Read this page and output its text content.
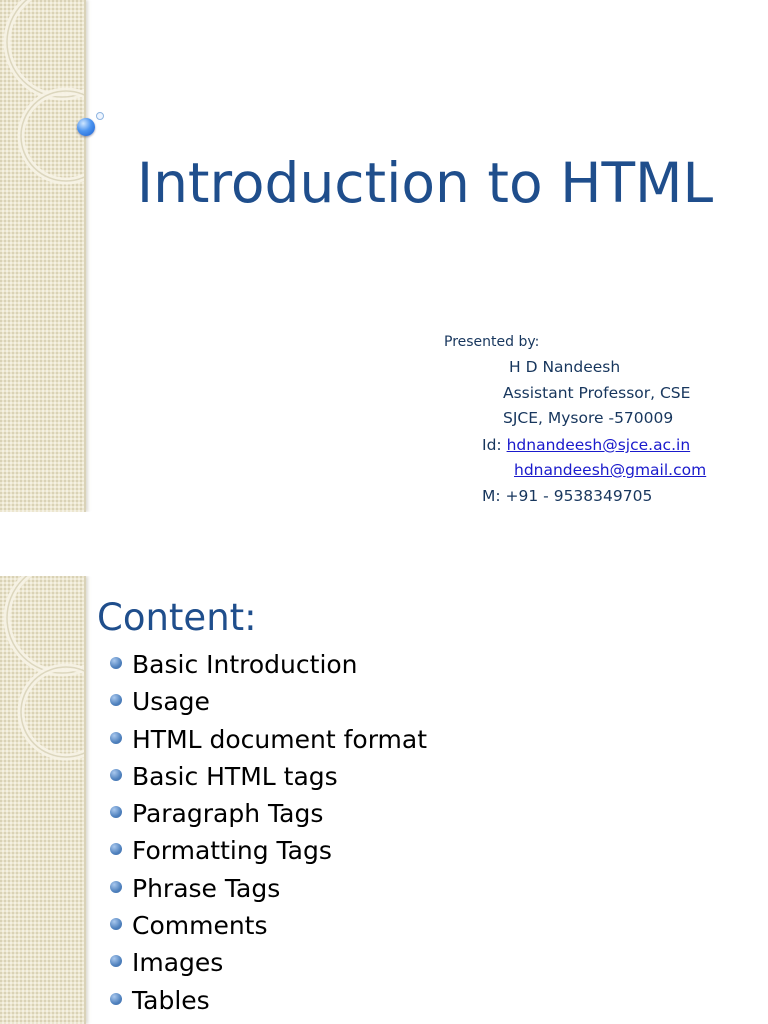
Introduction to HTML
Presented by:
H D Nandeesh
Assistant Professor, CSE
SJCE, Mysore -570009
Id: hdnandeesh@sjce.ac.in
hdnandeesh@gmail.com
M: +91 - 9538349705
Content:
Basic Introduction
Usage
HTML document format
Basic HTML tags
Paragraph Tags
Formatting Tags
Phrase Tags
Comments
Images
Tables
